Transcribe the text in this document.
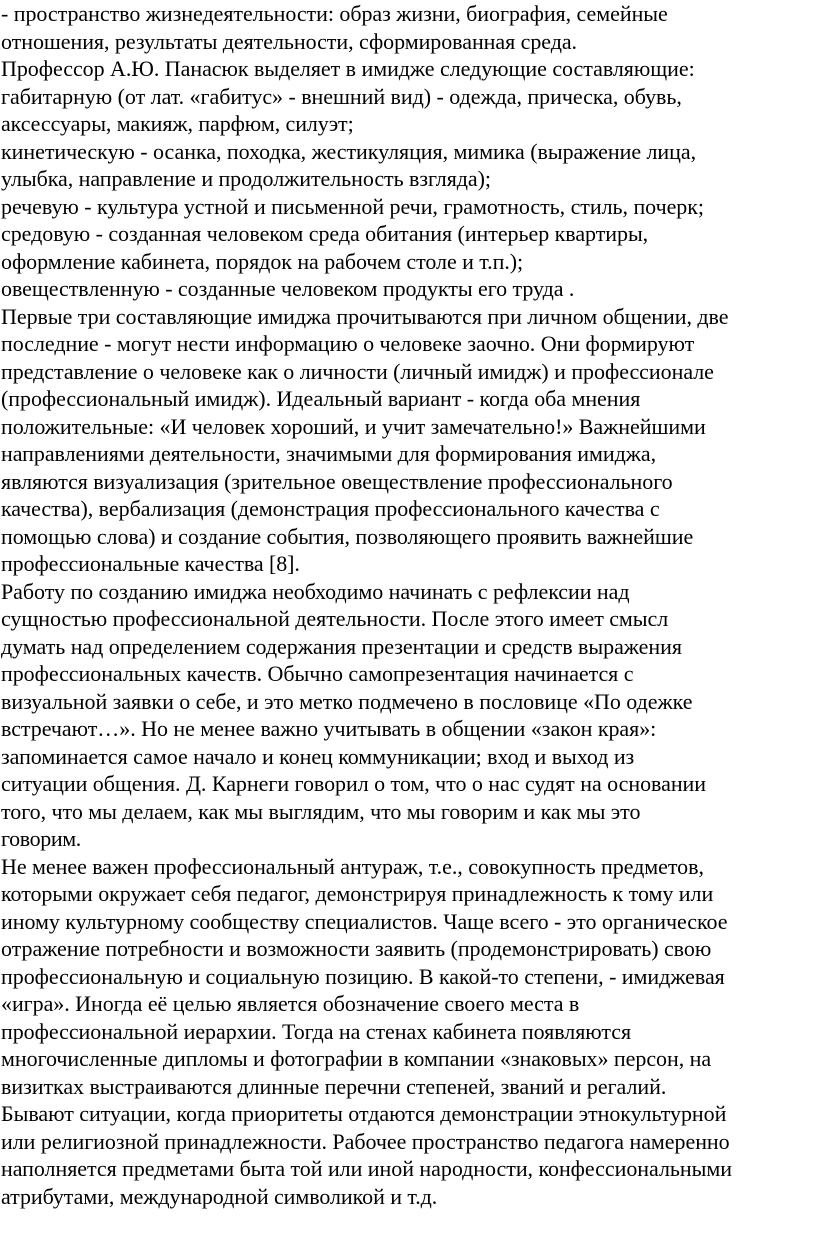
- пространство жизнедеятельности: образ жизни, биография, семейные
отношения, результаты деятельности, сформированная среда.
Профессор А.Ю. Панасюк выделяет в имидже следующие составляющие:
габитарную (от лат. «габитус» - внешний вид) - одежда, прическа, обувь,
аксессуары, макияж, парфюм, силуэт;
кинетическую - осанка, походка, жестикуляция, мимика (выражение лица,
улыбка, направление и продолжительность взгляда);
речевую - культура устной и письменной речи, грамотность, стиль, почерк;
средовую - созданная человеком среда обитания (интерьер квартиры,
оформление кабинета, порядок на рабочем столе и т.п.);
овеществленную - созданные человеком продукты его труда .
Первые три составляющие имиджа прочитываются при личном общении, две
последние - могут нести информацию о человеке заочно. Они формируют
представление о человеке как о личности (личный имидж) и профессионале
(профессиональный имидж). Идеальный вариант - когда оба мнения
положительные: «И человек хороший, и учит замечательно!» Важнейшими
направлениями деятельности, значимыми для формирования имиджа,
являются визуализация (зрительное овеществление профессионального
качества), вербализация (демонстрация профессионального качества с
помощью слова) и создание события, позволяющего проявить важнейшие
профессиональные качества [8].
Работу по созданию имиджа необходимо начинать с рефлексии над
сущностью профессиональной деятельности. После этого имеет смысл
думать над определением содержания презентации и средств выражения
профессиональных качеств. Обычно самопрезентация начинается с
визуальной заявки о себе, и это метко подмечено в пословице «По одежке
встречают…». Но не менее важно учитывать в общении «закон края»:
запоминается самое начало и конец коммуникации; вход и выход из
ситуации общения. Д. Карнеги говорил о том, что о нас судят на основании
того, что мы делаем, как мы выглядим, что мы говорим и как мы это
говорим.
Не менее важен профессиональный антураж, т.е., совокупность предметов,
которыми окружает себя педагог, демонстрируя принадлежность к тому или
иному культурному сообществу специалистов. Чаще всего - это органическое
отражение потребности и возможности заявить (продемонстрировать) свою
профессиональную и социальную позицию. В какой-то степени, - имиджевая
«игра». Иногда её целью является обозначение своего места в
профессиональной иерархии. Тогда на стенах кабинета появляются
многочисленные дипломы и фотографии в компании «знаковых» персон, на
визитках выстраиваются длинные перечни степеней, званий и регалий.
Бывают ситуации, когда приоритеты отдаются демонстрации этнокультурной
или религиозной принадлежности. Рабочее пространство педагога намеренно
наполняется предметами быта той или иной народности, конфессиональными
атрибутами, международной символикой и т.д.
